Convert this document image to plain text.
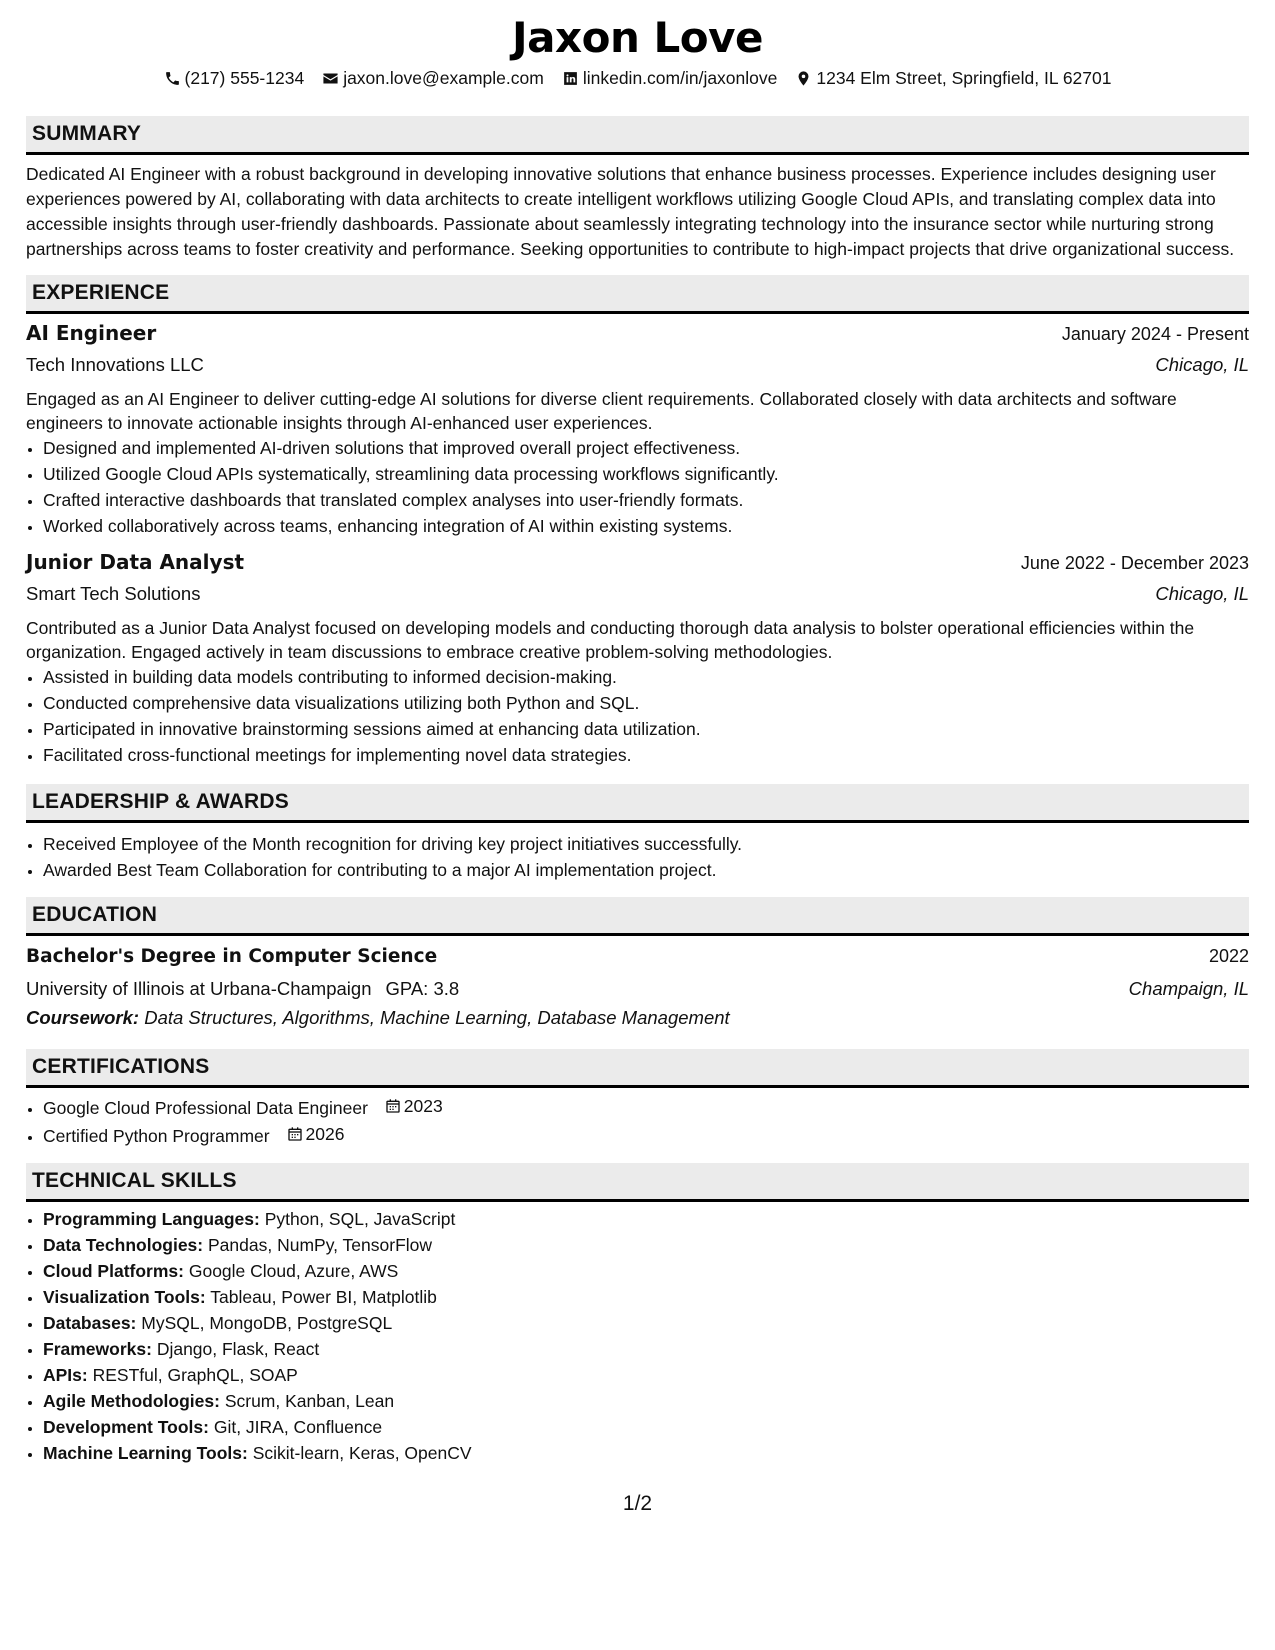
Jaxon Love
(217) 555-1234 jaxon.love@example.com linkedin.com/in/jaxonlove 1234 Elm Street, Springfield, IL 62701
SUMMARY
Dedicated AI Engineer with a robust background in developing innovative solutions that enhance business processes. Experience includes designing user experiences powered by AI, collaborating with data architects to create intelligent workflows utilizing Google Cloud APIs, and translating complex data into accessible insights through user-friendly dashboards. Passionate about seamlessly integrating technology into the insurance sector while nurturing strong partnerships across teams to foster creativity and performance. Seeking opportunities to contribute to high-impact projects that drive organizational success.
EXPERIENCE
AI Engineer	January 2024 - Present
Tech Innovations LLC	Chicago, IL
Engaged as an AI Engineer to deliver cutting-edge AI solutions for diverse client requirements. Collaborated closely with data architects and software engineers to innovate actionable insights through AI-enhanced user experiences.
• Designed and implemented AI-driven solutions that improved overall project effectiveness.
• Utilized Google Cloud APIs systematically, streamlining data processing workflows significantly.
• Crafted interactive dashboards that translated complex analyses into user-friendly formats.
• Worked collaboratively across teams, enhancing integration of AI within existing systems.
Junior Data Analyst	June 2022 - December 2023
Smart Tech Solutions	Chicago, IL
Contributed as a Junior Data Analyst focused on developing models and conducting thorough data analysis to bolster operational efficiencies within the organization. Engaged actively in team discussions to embrace creative problem-solving methodologies.
• Assisted in building data models contributing to informed decision-making.
• Conducted comprehensive data visualizations utilizing both Python and SQL.
• Participated in innovative brainstorming sessions aimed at enhancing data utilization.
• Facilitated cross-functional meetings for implementing novel data strategies.
LEADERSHIP & AWARDS
• Received Employee of the Month recognition for driving key project initiatives successfully.
• Awarded Best Team Collaboration for contributing to a major AI implementation project.
EDUCATION
Bachelor's Degree in Computer Science	2022
University of Illinois at Urbana-Champaign GPA: 3.8	Champaign, IL
Coursework: Data Structures, Algorithms, Machine Learning, Database Management
CERTIFICATIONS
• Google Cloud Professional Data Engineer 2023
• Certified Python Programmer 2026
TECHNICAL SKILLS
• Programming Languages: Python, SQL, JavaScript
• Data Technologies: Pandas, NumPy, TensorFlow
• Cloud Platforms: Google Cloud, Azure, AWS
• Visualization Tools: Tableau, Power BI, Matplotlib
• Databases: MySQL, MongoDB, PostgreSQL
• Frameworks: Django, Flask, React
• APIs: RESTful, GraphQL, SOAP
• Agile Methodologies: Scrum, Kanban, Lean
• Development Tools: Git, JIRA, Confluence
• Machine Learning Tools: Scikit-learn, Keras, OpenCV
1/2
